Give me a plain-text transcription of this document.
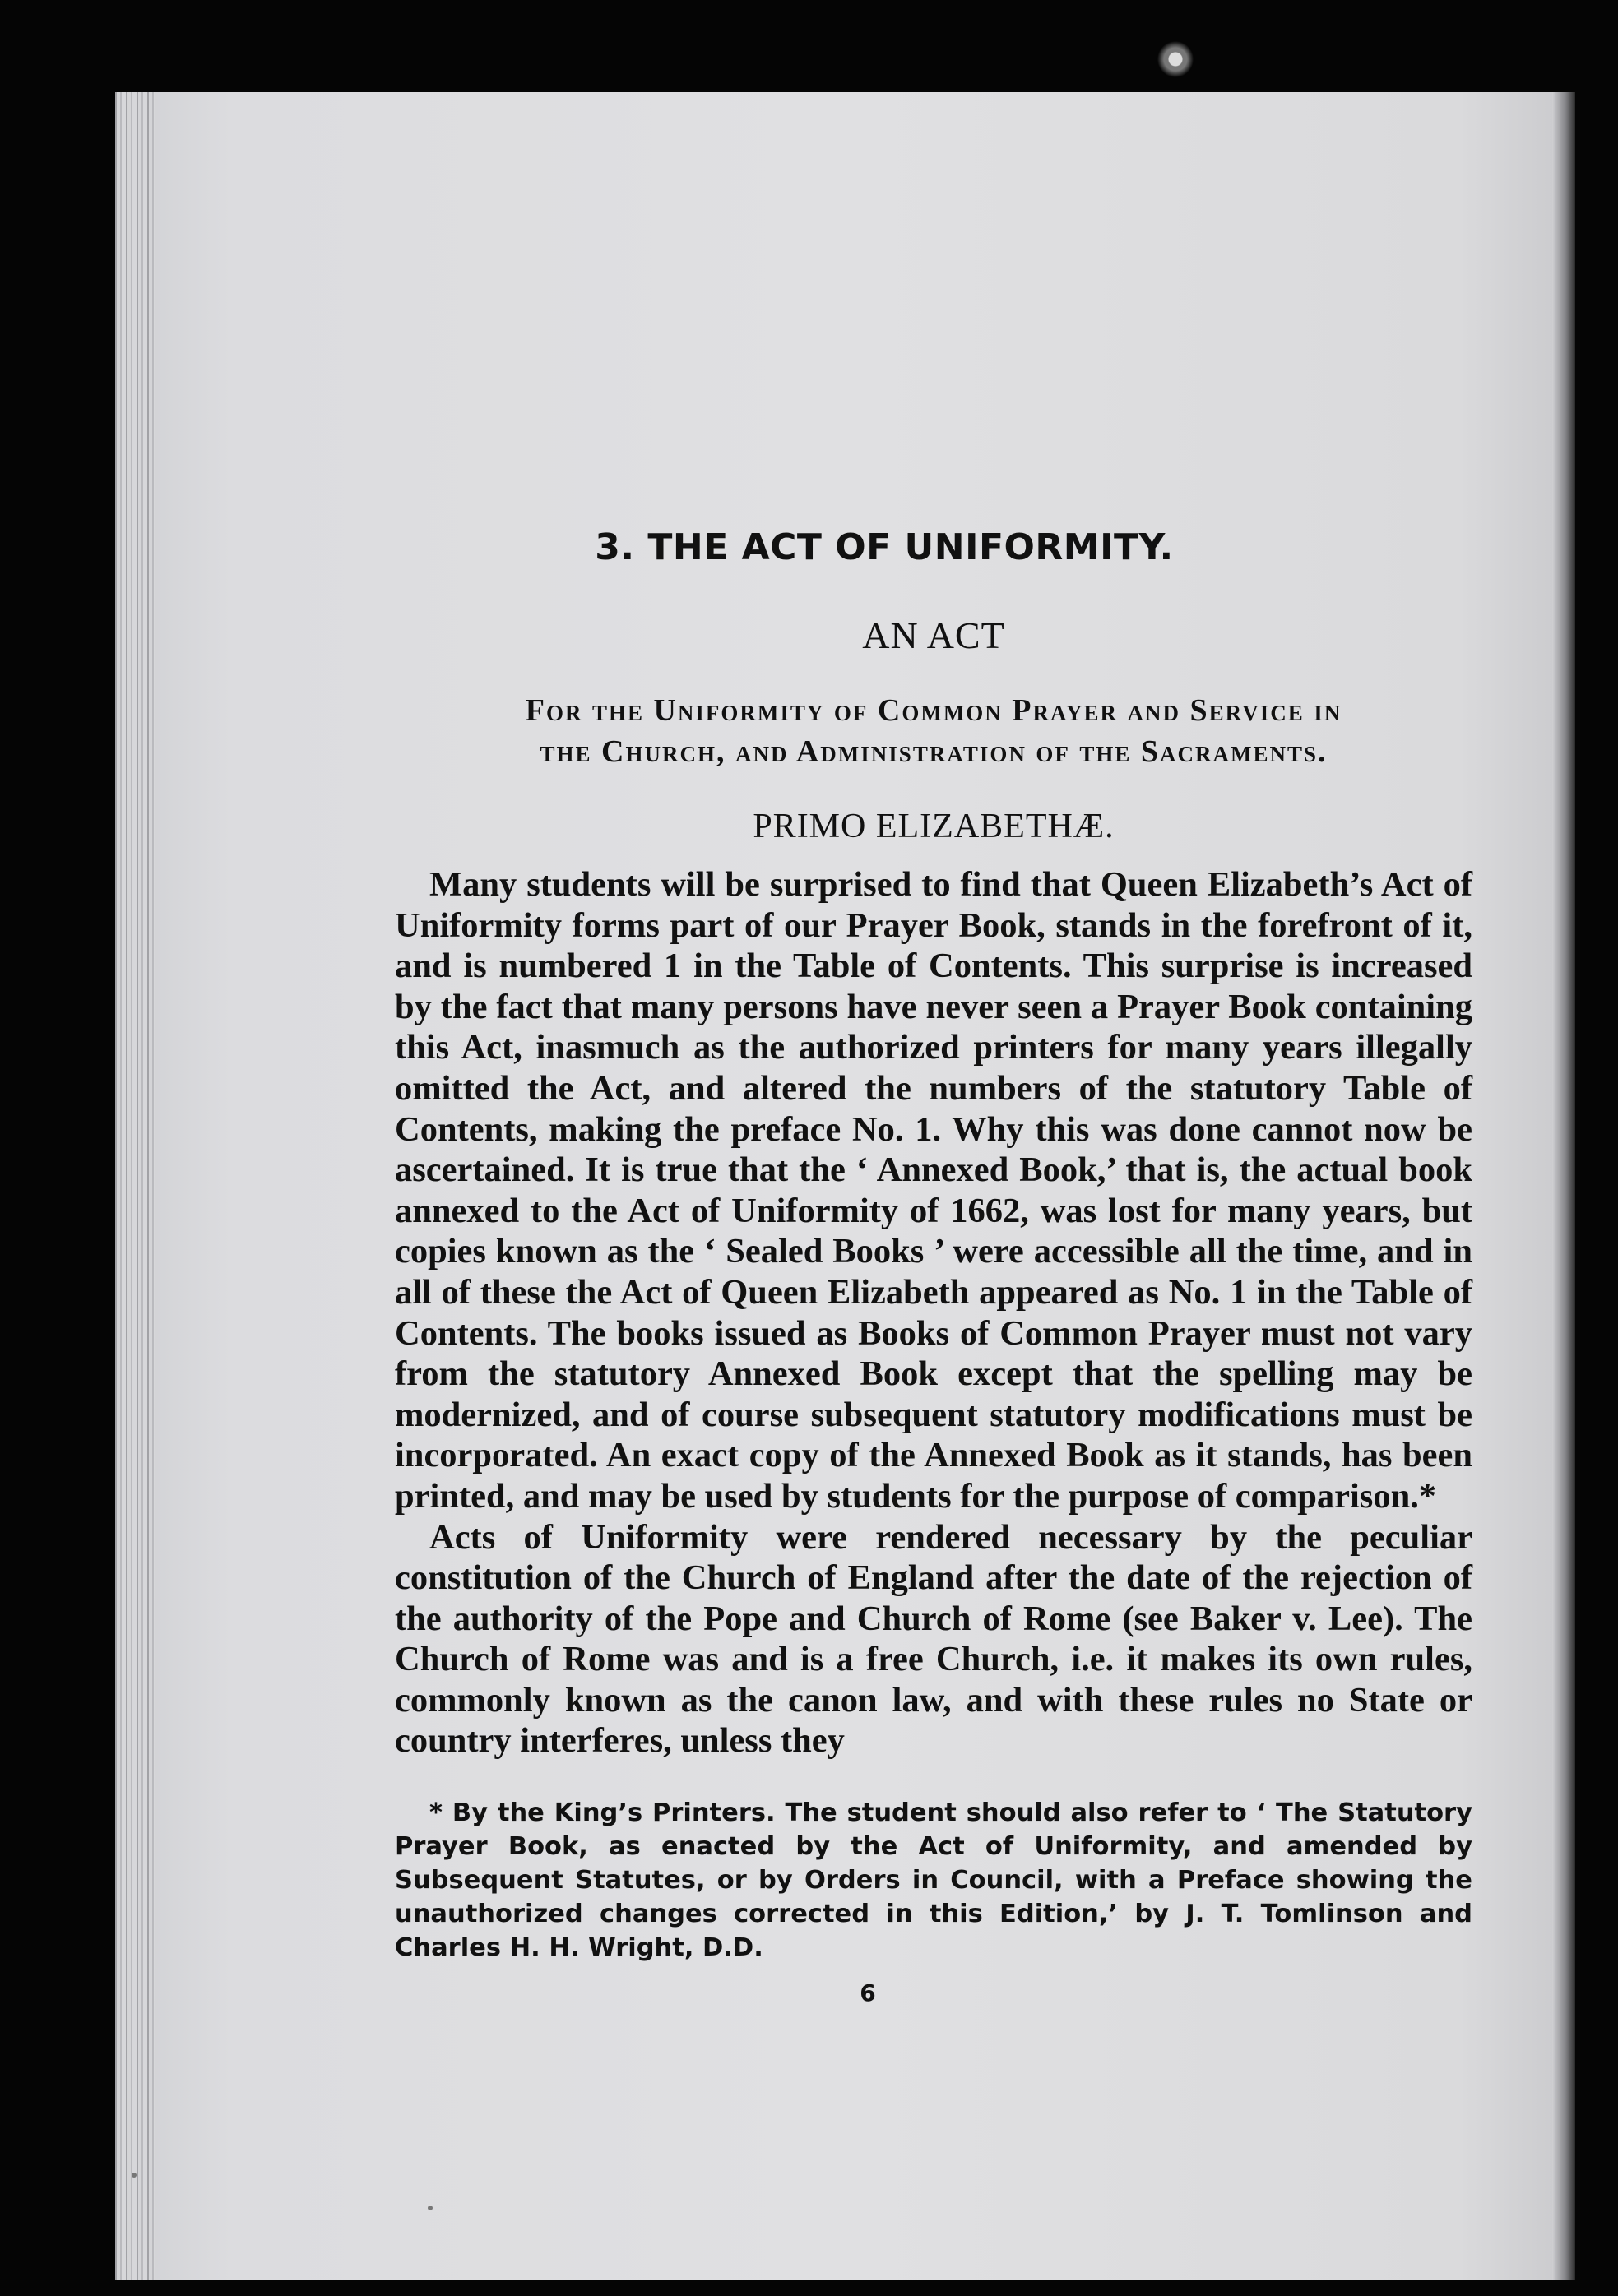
3. THE ACT OF UNIFORMITY.
AN ACT
For the Uniformity of Common Prayer and Service in
the Church, and Administration of the Sacraments.
PRIMO ELIZABETHÆ.

Many students will be surprised to find that Queen Elizabeth’s Act of Uniformity forms part of our Prayer Book, stands in the forefront of it, and is numbered 1 in the Table of Contents. This surprise is increased by the fact that many persons have never seen a Prayer Book containing this Act, inasmuch as the authorized printers for many years illegally omitted the Act, and altered the numbers of the statutory Table of Contents, making the preface No. 1. Why this was done cannot now be ascertained. It is true that the ‘ Annexed Book,’ that is, the actual book annexed to the Act of Uniformity of 1662, was lost for many years, but copies known as the ‘ Sealed Books ’ were accessible all the time, and in all of these the Act of Queen Elizabeth appeared as No. 1 in the Table of Contents. The books issued as Books of Common Prayer must not vary from the statutory Annexed Book except that the spelling may be modernized, and of course subsequent statutory modifications must be incorporated. An exact copy of the Annexed Book as it stands, has been printed, and may be used by students for the purpose of comparison.*

Acts of Uniformity were rendered necessary by the peculiar constitution of the Church of England after the date of the rejection of the authority of the Pope and Church of Rome (see Baker v. Lee). The Church of Rome was and is a free Church, i.e. it makes its own rules, commonly known as the canon law, and with these rules no State or country interferes, unless they

* By the King’s Printers. The student should also refer to ‘ The Statutory Prayer Book, as enacted by the Act of Uniformity, and amended by Subsequent Statutes, or by Orders in Council, with a Preface showing the unauthorized changes corrected in this Edition,’ by J. T. Tomlinson and Charles H. H. Wright, D.D.
6
